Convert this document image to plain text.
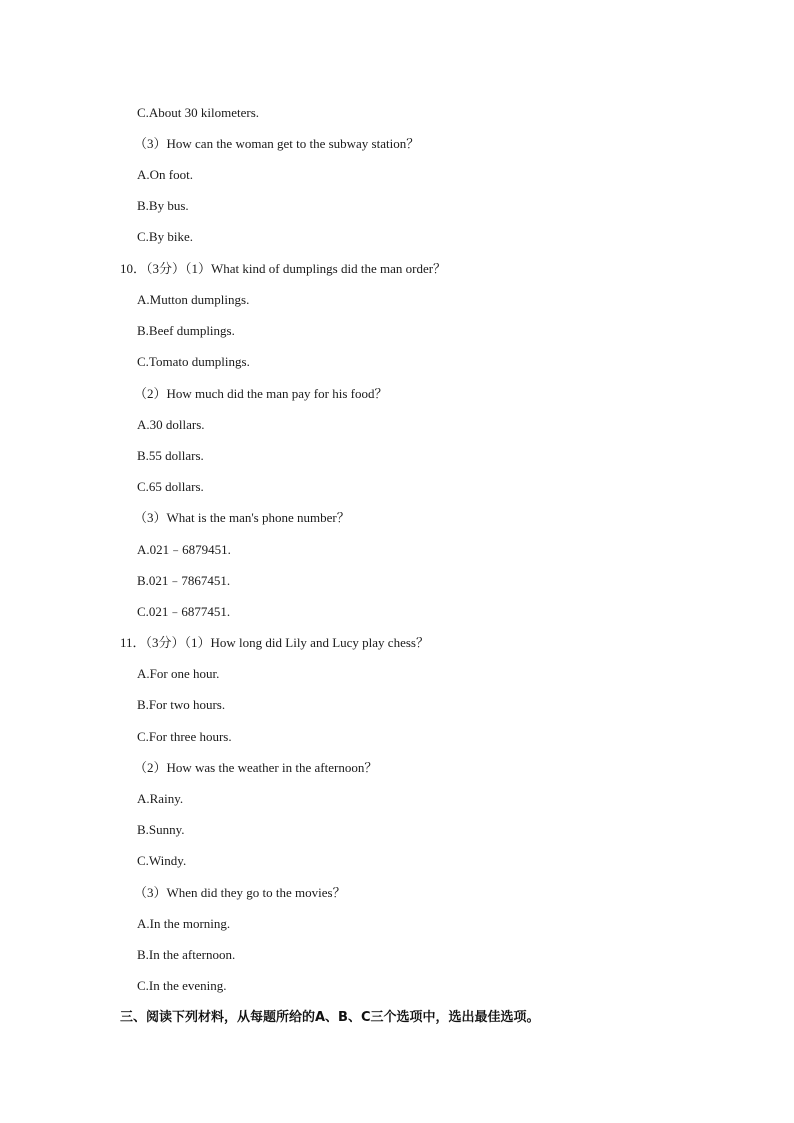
C.About 30 kilometers.
（3）How can the woman get to the subway station？
A.On foot.
B.By bus.
C.By bike.
10．（3分）（1）What kind of dumplings did the man order？
A.Mutton dumplings.
B.Beef dumplings.
C.Tomato dumplings.
（2）How much did the man pay for his food？
A.30 dollars.
B.55 dollars.
C.65 dollars.
（3）What is the man's phone number？
A.021﹣6879451.
B.021﹣7867451.
C.021﹣6877451.
11．（3分）（1）How long did Lily and Lucy play chess？
A.For one hour.
B.For two hours.
C.For three hours.
（2）How was the weather in the afternoon？
A.Rainy.
B.Sunny.
C.Windy.
（3）When did they go to the movies？
A.In the morning.
B.In the afternoon.
C.In the evening.
三、阅读下列材料，从每题所给的A、B、C三个选项中，选出最佳选项。
